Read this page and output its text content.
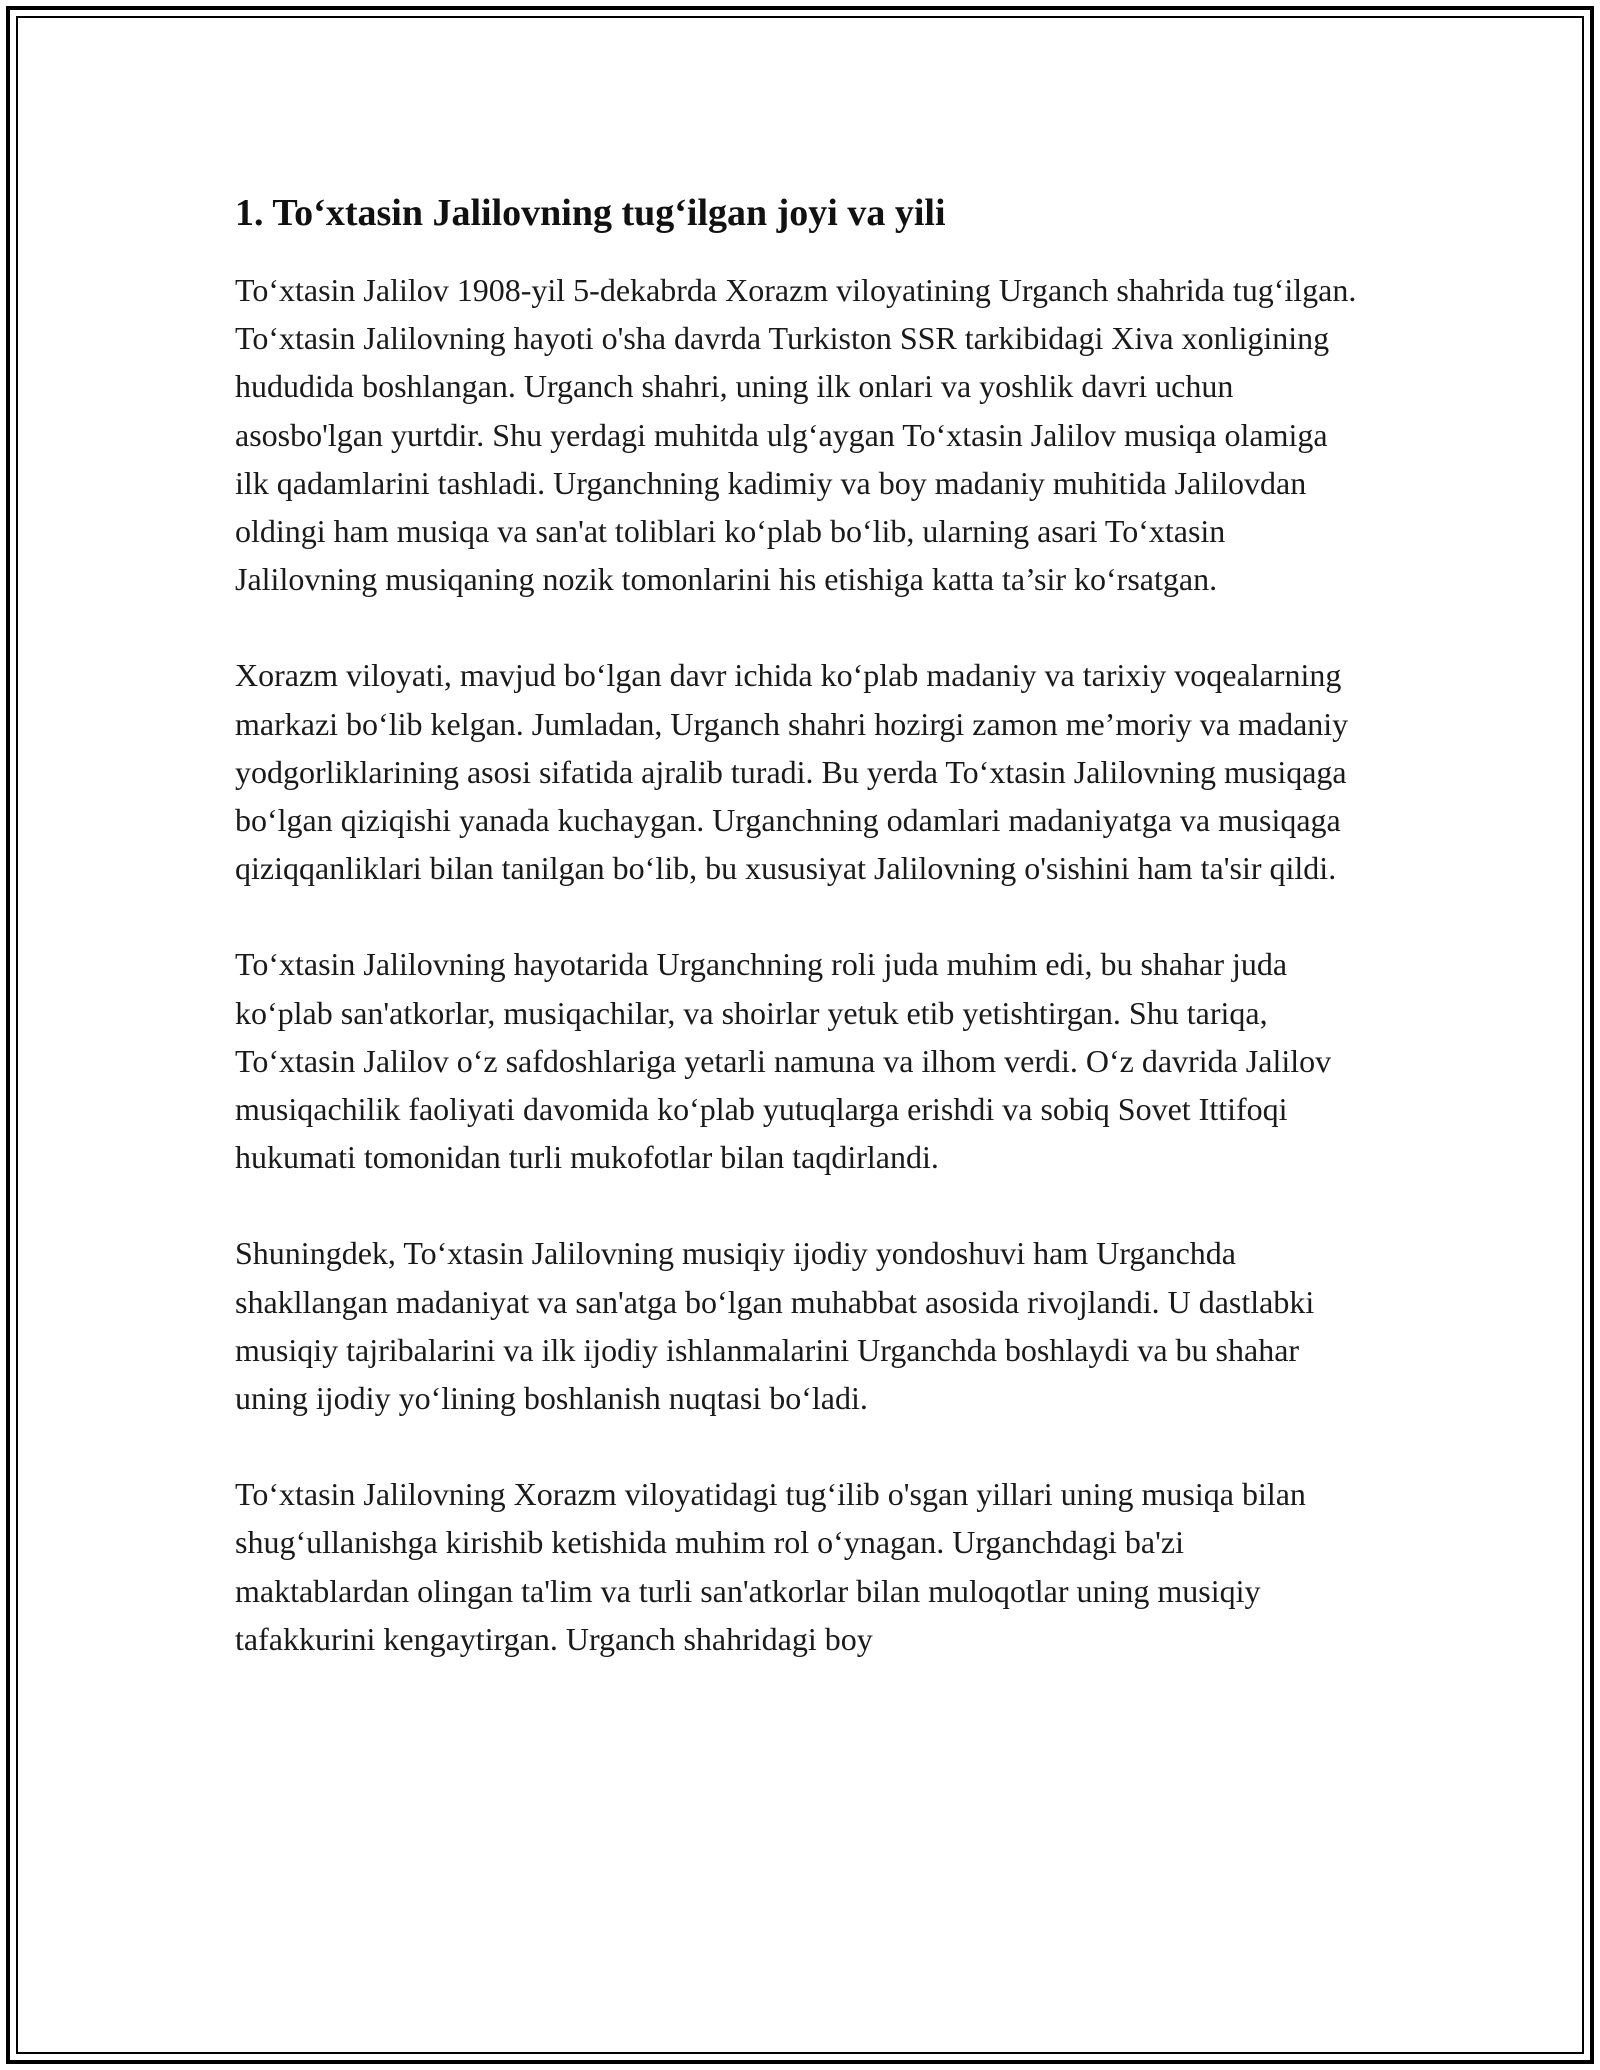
1. To‘xtasin Jalilovning tug‘ilgan joyi va yili

To‘xtasin Jalilov 1908-yil 5-dekabrda Xorazm viloyatining Urganch shahrida tug‘ilgan. To‘xtasin Jalilovning hayoti o'sha davrda Turkiston SSR tarkibidagi Xiva xonligining hududida boshlangan. Urganch shahri, uning ilk onlari va yoshlik davri uchun asosbo'lgan yurtdir. Shu yerdagi muhitda ulg‘aygan To‘xtasin Jalilov musiqa olamiga ilk qadamlarini tashladi. Urganchning kadimiy va boy madaniy muhitida Jalilovdan oldingi ham musiqa va san'at toliblari ko‘plab bo‘lib, ularning asari To‘xtasin Jalilovning musiqaning nozik tomonlarini his etishiga katta ta’sir ko‘rsatgan.

Xorazm viloyati, mavjud bo‘lgan davr ichida ko‘plab madaniy va tarixiy voqealarning markazi bo‘lib kelgan. Jumladan, Urganch shahri hozirgi zamon me’moriy va madaniy yodgorliklarining asosi sifatida ajralib turadi. Bu yerda To‘xtasin Jalilovning musiqaga bo‘lgan qiziqishi yanada kuchaygan. Urganchning odamlari madaniyatga va musiqaga qiziqqanliklari bilan tanilgan bo‘lib, bu xususiyat Jalilovning o'sishini ham ta'sir qildi.

To‘xtasin Jalilovning hayotarida Urganchning roli juda muhim edi, bu shahar juda ko‘plab san'atkorlar, musiqachilar, va shoirlar yetuk etib yetishtirgan. Shu tariqa, To‘xtasin Jalilov o‘z safdoshlariga yetarli namuna va ilhom verdi. O‘z davrida Jalilov musiqachilik faoliyati davomida ko‘plab yutuqlarga erishdi va sobiq Sovet Ittifoqi hukumati tomonidan turli mukofotlar bilan taqdirlandi.

Shuningdek, To‘xtasin Jalilovning musiqiy ijodiy yondoshuvi ham Urganchda shakllangan madaniyat va san'atga bo‘lgan muhabbat asosida rivojlandi. U dastlabki musiqiy tajribalarini va ilk ijodiy ishlanmalarini Urganchda boshlaydi va bu shahar uning ijodiy yo‘lining boshlanish nuqtasi bo‘ladi.

To‘xtasin Jalilovning Xorazm viloyatidagi tug‘ilib o'sgan yillari uning musiqa bilan shug‘ullanishga kirishib ketishida muhim rol o‘ynagan. Urganchdagi ba'zi maktablardan olingan ta'lim va turli san'atkorlar bilan muloqotlar uning musiqiy tafakkurini kengaytirgan. Urganch shahridagi boy
